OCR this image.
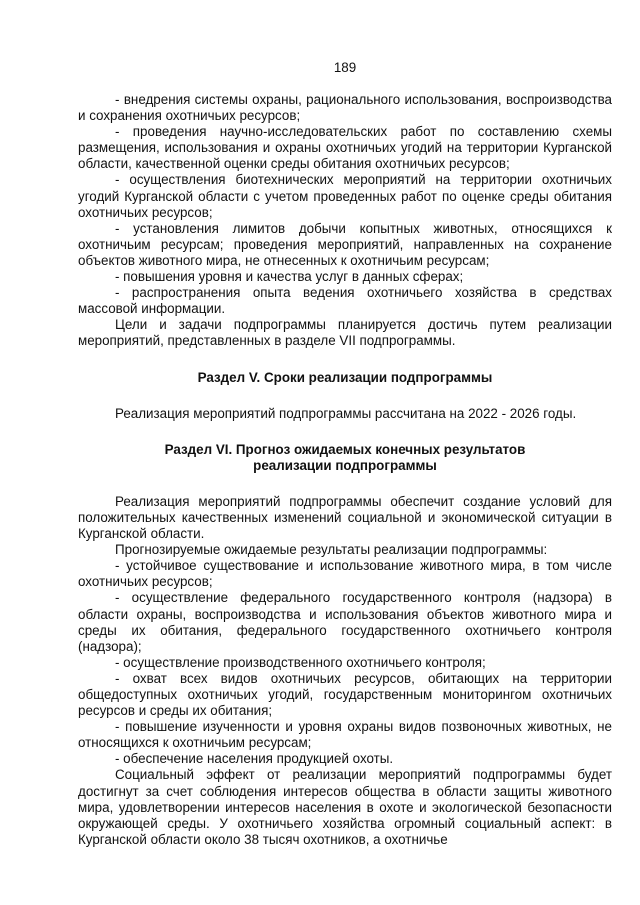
189

- внедрения системы охраны, рационального использования, воспроизводства и сохранения охотничьих ресурсов;

- проведения научно-исследовательских работ по составлению схемы размещения, использования и охраны охотничьих угодий на территории Курганской области, качественной оценки среды обитания охотничьих ресурсов;

- осуществления биотехнических мероприятий на территории охотничьих угодий Курганской области с учетом проведенных работ по оценке среды обитания охотничьих ресурсов;

- установления лимитов добычи копытных животных, относящихся к охотничьим ресурсам; проведения мероприятий, направленных на сохранение объектов животного мира, не отнесенных к охотничьим ресурсам;

- повышения уровня и качества услуг в данных сферах;

- распространения опыта ведения охотничьего хозяйства в средствах массовой информации.

Цели и задачи подпрограммы планируется достичь путем реализации мероприятий, представленных в разделе VII подпрограммы.

Раздел V. Сроки реализации подпрограммы

Реализация мероприятий подпрограммы рассчитана на 2022 - 2026 годы.

Раздел VI. Прогноз ожидаемых конечных результатов реализации подпрограммы

Реализация мероприятий подпрограммы обеспечит создание условий для положительных качественных изменений социальной и экономической ситуации в Курганской области.

Прогнозируемые ожидаемые результаты реализации подпрограммы:

- устойчивое существование и использование животного мира, в том числе охотничьих ресурсов;

- осуществление федерального государственного контроля (надзора) в области охраны, воспроизводства и использования объектов животного мира и среды их обитания, федерального государственного охотничьего контроля (надзора);

- осуществление производственного охотничьего контроля;

- охват всех видов охотничьих ресурсов, обитающих на территории общедоступных охотничьих угодий, государственным мониторингом охотничьих ресурсов и среды их обитания;

- повышение изученности и уровня охраны видов позвоночных животных, не относящихся к охотничьим ресурсам;

- обеспечение населения продукцией охоты.

Социальный эффект от реализации мероприятий подпрограммы будет достигнут за счет соблюдения интересов общества в области защиты животного мира, удовлетворении интересов населения в охоте и экологической безопасности окружающей среды. У охотничьего хозяйства огромный социальный аспект: в Курганской области около 38 тысяч охотников, а охотничье
